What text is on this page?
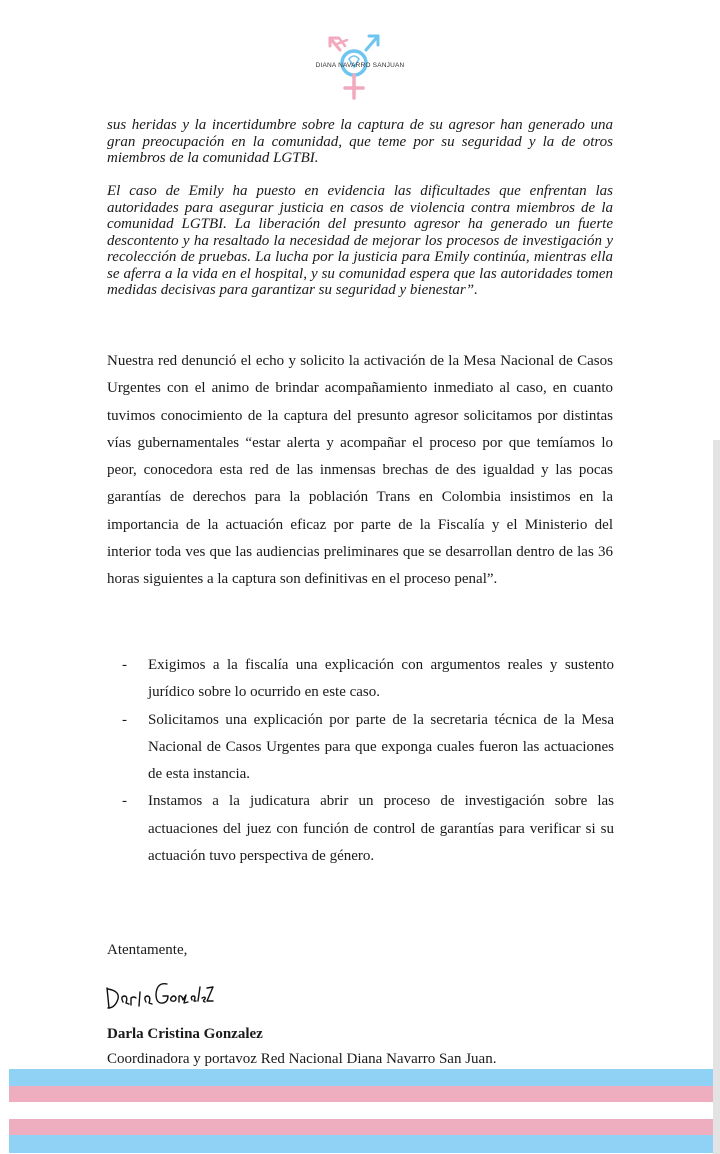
DIANA NAVARRO SANJUAN

sus heridas y la incertidumbre sobre la captura de su agresor han generado una gran preocupación en la comunidad, que teme por su seguridad y la de otros miembros de la comunidad LGTBI.

El caso de Emily ha puesto en evidencia las dificultades que enfrentan las autoridades para asegurar justicia en casos de violencia contra miembros de la comunidad LGTBI. La liberación del presunto agresor ha generado un fuerte descontento y ha resaltado la necesidad de mejorar los procesos de investigación y recolección de pruebas. La lucha por la justicia para Emily continúa, mientras ella se aferra a la vida en el hospital, y su comunidad espera que las autoridades tomen medidas decisivas para garantizar su seguridad y bienestar”.

Nuestra red denunció el echo y solicito la activación de la Mesa Nacional de Casos Urgentes con el animo de brindar acompañamiento inmediato al caso, en cuanto tuvimos conocimiento de la captura del presunto agresor solicitamos por distintas vías gubernamentales “estar alerta y acompañar el proceso por que temíamos lo peor, conocedora esta red de las inmensas brechas de des igualdad y las pocas garantías de derechos para la población Trans en Colombia insistimos en la importancia de la actuación eficaz por parte de la Fiscalía y el Ministerio del interior toda ves que las audiencias preliminares que se desarrollan dentro de las 36 horas siguientes a la captura son definitivas en el proceso penal”.

- Exigimos a la fiscalía una explicación con argumentos reales y sustento jurídico sobre lo ocurrido en este caso.
- Solicitamos una explicación por parte de la secretaria técnica de la Mesa Nacional de Casos Urgentes para que exponga cuales fueron las actuaciones de esta instancia.
- Instamos a la judicatura abrir un proceso de investigación sobre las actuaciones del juez con función de control de garantías para verificar si su actuación tuvo perspectiva de género.

Atentamente,

Darla Cristina Gonzalez

Coordinadora y portavoz Red Nacional Diana Navarro San Juan.
